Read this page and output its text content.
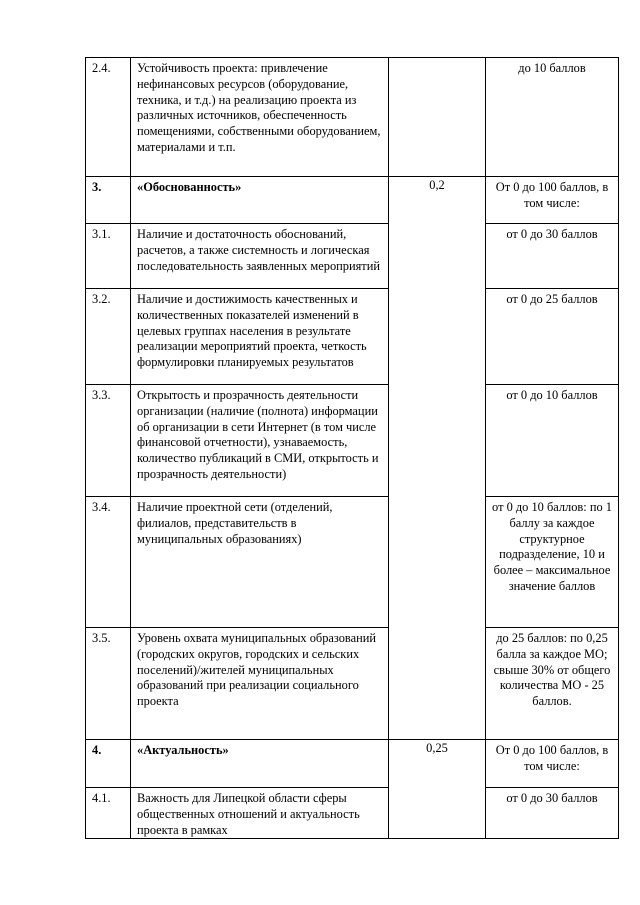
2.4.	Устойчивость проекта: привлечение нефинансовых ресурсов (оборудование, техника, и т.д.) на реализацию проекта из различных источников, обеспеченность помещениями, собственными оборудованием, материалами и т.п.		до 10 баллов
3.	«Обоснованность»	0,2	От 0 до 100 баллов, в том числе:
3.1.	Наличие и достаточность обоснований, расчетов, а также системность и логическая последовательность заявленных мероприятий		от 0 до 30 баллов
3.2.	Наличие и достижимость качественных и количественных показателей изменений в целевых группах населения в результате реализации мероприятий проекта, четкость формулировки планируемых результатов		от 0 до 25 баллов
3.3.	Открытость и прозрачность деятельности организации (наличие (полнота) информации об организации в сети Интернет (в том числе финансовой отчетности), узнаваемость, количество публикаций в СМИ, открытость и прозрачность деятельности)		от 0 до 10 баллов
3.4.	Наличие проектной сети (отделений, филиалов, представительств в муниципальных образованиях)		от 0 до 10 баллов: по 1 баллу за каждое структурное подразделение, 10 и более – максимальное значение баллов
3.5.	Уровень охвата муниципальных образований (городских округов, городских и сельских поселений)/жителей муниципальных образований при реализации социального проекта		до 25 баллов: по 0,25 балла за каждое МО; свыше 30% от общего количества МО - 25 баллов.
4.	«Актуальность»	0,25	От 0 до 100 баллов, в том числе:
4.1.	Важность для Липецкой области сферы общественных отношений и актуальность проекта в рамках		от 0 до 30 баллов
